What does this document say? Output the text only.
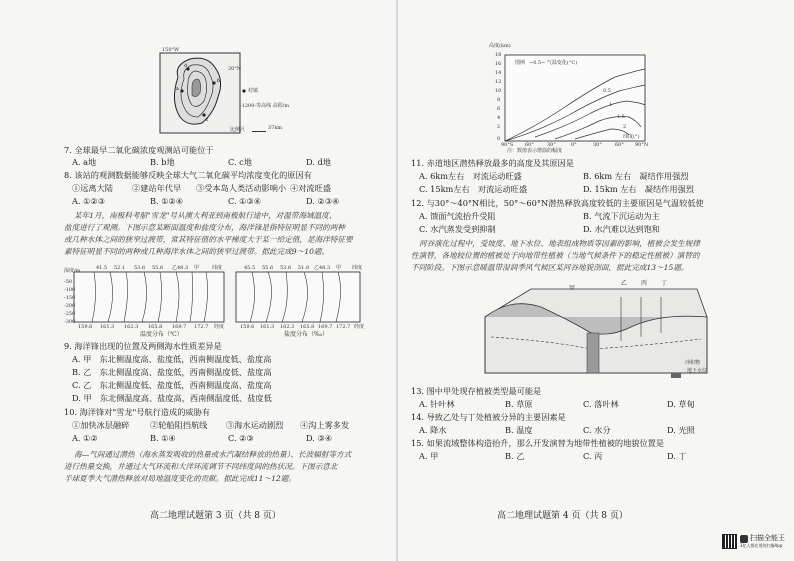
a
b
c
d
150°W
20°N
村镇
-1200-等高线 高程/m
比例尺	37km
7. 全球最早二氧化碳浓度观测站可能位于
A. a地	B. b地	C. c地	D. d地
8. 该站的观测数据能够反映全球大气二氧化碳平均浓度变化的原因有
①远离大陆 ②建站年代早 ③受本岛人类活动影响小 ④对流旺盛
A. ①②③	B. ①②④	C. ①③④	D. ②③④
某年1月，南极科考船"雪龙"号从澳大利亚到南极航行途中，对温带海域温度、
盐度进行了观测。下图示意某断面温度和盐度分布，海洋锋是指特征明显不同的两种
或几种水体之间的狭窄过渡带，常其特征值的水平梯度大于某一给定值，是海洋特征要
素特征明显不同的两种或几种海洋水体之间的狭窄过渡带。据此完成9～10题。
41.5 52.1 53.6 55.6 乙48.3 甲	纬度
深度/m
159.6 161.3 162.3 165.8 169.7 172.7 经度
温度分布（℃）
45.5 55.6 53.6 51.8 乙48.3 甲 纬度
159.6 161.3 162.3 165.8 169.7 172.7 经度
盐度分布（‰）
-50
-100
-150
-200
-250
-300
9. 海洋锋出现的位置及两侧海水性质差异是
A. 甲　东北侧温度高、盐度低，西南侧温度低、盐度高
B. 乙　东北侧温度高、盐度低，西南侧温度低、盐度高
C. 乙　东北侧温度低、盐度低，西南侧温度高、盐度高
D. 甲　东北侧温度高、盐度高，西南侧温度低、盐度低
10. 海洋锋对"雪龙"号航行造成的威胁有
①加快冰层融碎	②轮船阻挡航线 ③海水运动剧烈 ④沟上雾多发
A. ①②	B. ①④	C. ②③	D. ③④
海—气间通过潜热（海水蒸发吸收的热量或水汽凝结释放的热量）、长波辐射等方式
进行热量交换，并通过大气环流和大洋环流调节不同纬度间的热状况。下图示意北
半球夏季大气潜热释放对局地温度变化的贡献。据此完成11～12题。
高二地理试题第 3 页（共 8 页）
高度(km)
图例 ~0.5~ 气温变化(°C)
18
16
14
12
10
8
6
4
2
0
90°S 60°	30°	0°	30°	60° 90°N
纬度(°)
注：数值表示增温的幅度
0.5
1
1.5
2
11. 赤道地区潜热释放最多的高度及其原因是
A. 6km左右　对流运动旺盛	B. 6km 左右　凝结作用强烈
C. 15km左右　对流运动旺盛	D. 15km 左右　凝结作用强烈
12. 与30°～40°N相比，50°～60°N潜热释放高度较低的主要原因是气温较低使
A. 馈面气流抬升受阻	B. 气流下沉运动为主
C. 水汽蒸发受到抑制	D. 水汽难以达到饱和
河谷演化过程中，受坡度、地下水位、地表组成物质等因素的影响，植被会发生规律
性演替，各地较位置的植被处于向地带性植被（当地气候条件下的稳定性植被）演替的
不同阶段。下图示意暖温带湿润季风气候区某河谷地貌剖面，据此完成13～15题。
甲
乙 丙 丁
冲积物
地下水位
13. 图中甲处现存植被类型最可能是
A. 针叶林	B. 草原	C. 落叶林	D. 草甸
14. 导致乙处与丁处植被分异的主要因素是
A. 降水	B. 温度	C. 水分	D. 光照
15. 如果流域整体构造抬升，那么开发演替为地带性植被的地貌位置是
A. 甲	B. 乙	C. 丙	D. 丁
高二地理试题第 4 页（共 8 页）
扫描全能王
3亿人都在用的扫描App
